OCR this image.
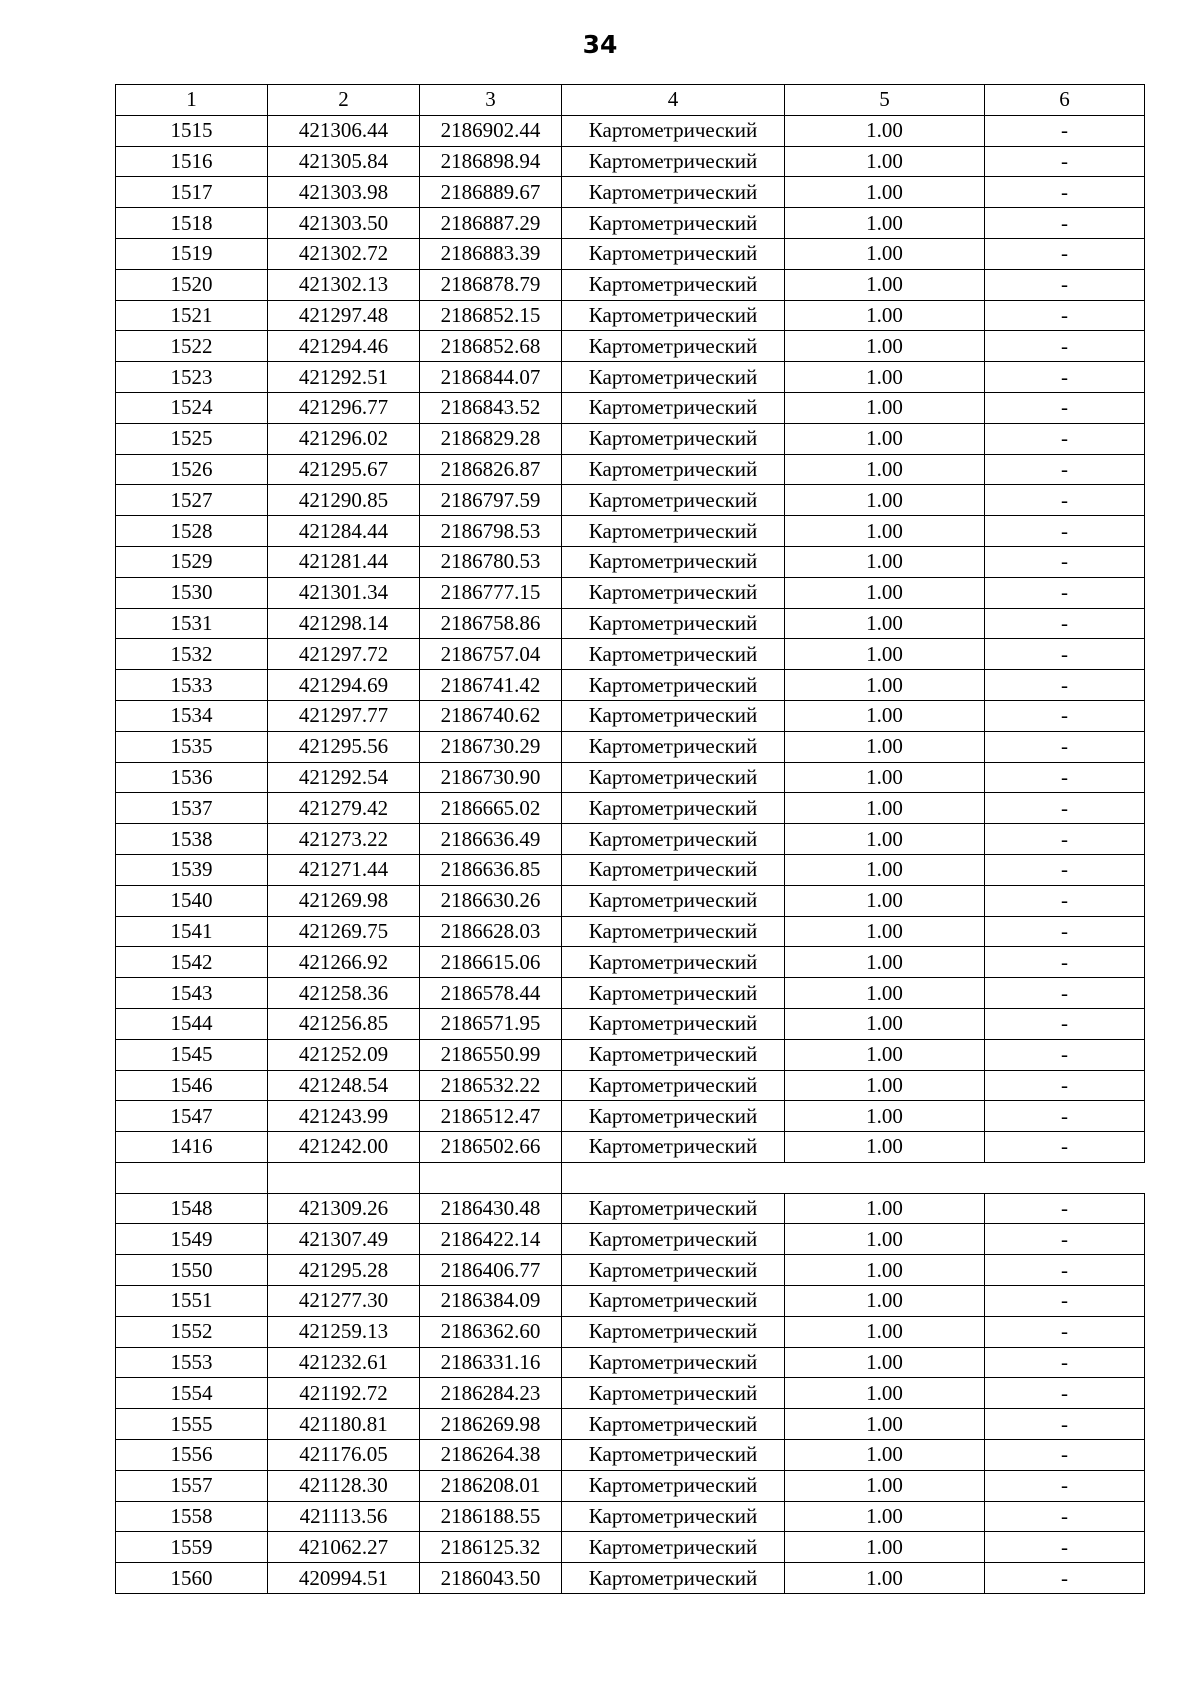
34
1	2	3	4	5	6
1515	421306.44	2186902.44	Картометрический	1.00	-
1516	421305.84	2186898.94	Картометрический	1.00	-
1517	421303.98	2186889.67	Картометрический	1.00	-
1518	421303.50	2186887.29	Картометрический	1.00	-
1519	421302.72	2186883.39	Картометрический	1.00	-
1520	421302.13	2186878.79	Картометрический	1.00	-
1521	421297.48	2186852.15	Картометрический	1.00	-
1522	421294.46	2186852.68	Картометрический	1.00	-
1523	421292.51	2186844.07	Картометрический	1.00	-
1524	421296.77	2186843.52	Картометрический	1.00	-
1525	421296.02	2186829.28	Картометрический	1.00	-
1526	421295.67	2186826.87	Картометрический	1.00	-
1527	421290.85	2186797.59	Картометрический	1.00	-
1528	421284.44	2186798.53	Картометрический	1.00	-
1529	421281.44	2186780.53	Картометрический	1.00	-
1530	421301.34	2186777.15	Картометрический	1.00	-
1531	421298.14	2186758.86	Картометрический	1.00	-
1532	421297.72	2186757.04	Картометрический	1.00	-
1533	421294.69	2186741.42	Картометрический	1.00	-
1534	421297.77	2186740.62	Картометрический	1.00	-
1535	421295.56	2186730.29	Картометрический	1.00	-
1536	421292.54	2186730.90	Картометрический	1.00	-
1537	421279.42	2186665.02	Картометрический	1.00	-
1538	421273.22	2186636.49	Картометрический	1.00	-
1539	421271.44	2186636.85	Картометрический	1.00	-
1540	421269.98	2186630.26	Картометрический	1.00	-
1541	421269.75	2186628.03	Картометрический	1.00	-
1542	421266.92	2186615.06	Картометрический	1.00	-
1543	421258.36	2186578.44	Картометрический	1.00	-
1544	421256.85	2186571.95	Картометрический	1.00	-
1545	421252.09	2186550.99	Картометрический	1.00	-
1546	421248.54	2186532.22	Картометрический	1.00	-
1547	421243.99	2186512.47	Картометрический	1.00	-
1416	421242.00	2186502.66	Картометрический	1.00	-

1548	421309.26	2186430.48	Картометрический	1.00	-
1549	421307.49	2186422.14	Картометрический	1.00	-
1550	421295.28	2186406.77	Картометрический	1.00	-
1551	421277.30	2186384.09	Картометрический	1.00	-
1552	421259.13	2186362.60	Картометрический	1.00	-
1553	421232.61	2186331.16	Картометрический	1.00	-
1554	421192.72	2186284.23	Картометрический	1.00	-
1555	421180.81	2186269.98	Картометрический	1.00	-
1556	421176.05	2186264.38	Картометрический	1.00	-
1557	421128.30	2186208.01	Картометрический	1.00	-
1558	421113.56	2186188.55	Картометрический	1.00	-
1559	421062.27	2186125.32	Картометрический	1.00	-
1560	420994.51	2186043.50	Картометрический	1.00	-
